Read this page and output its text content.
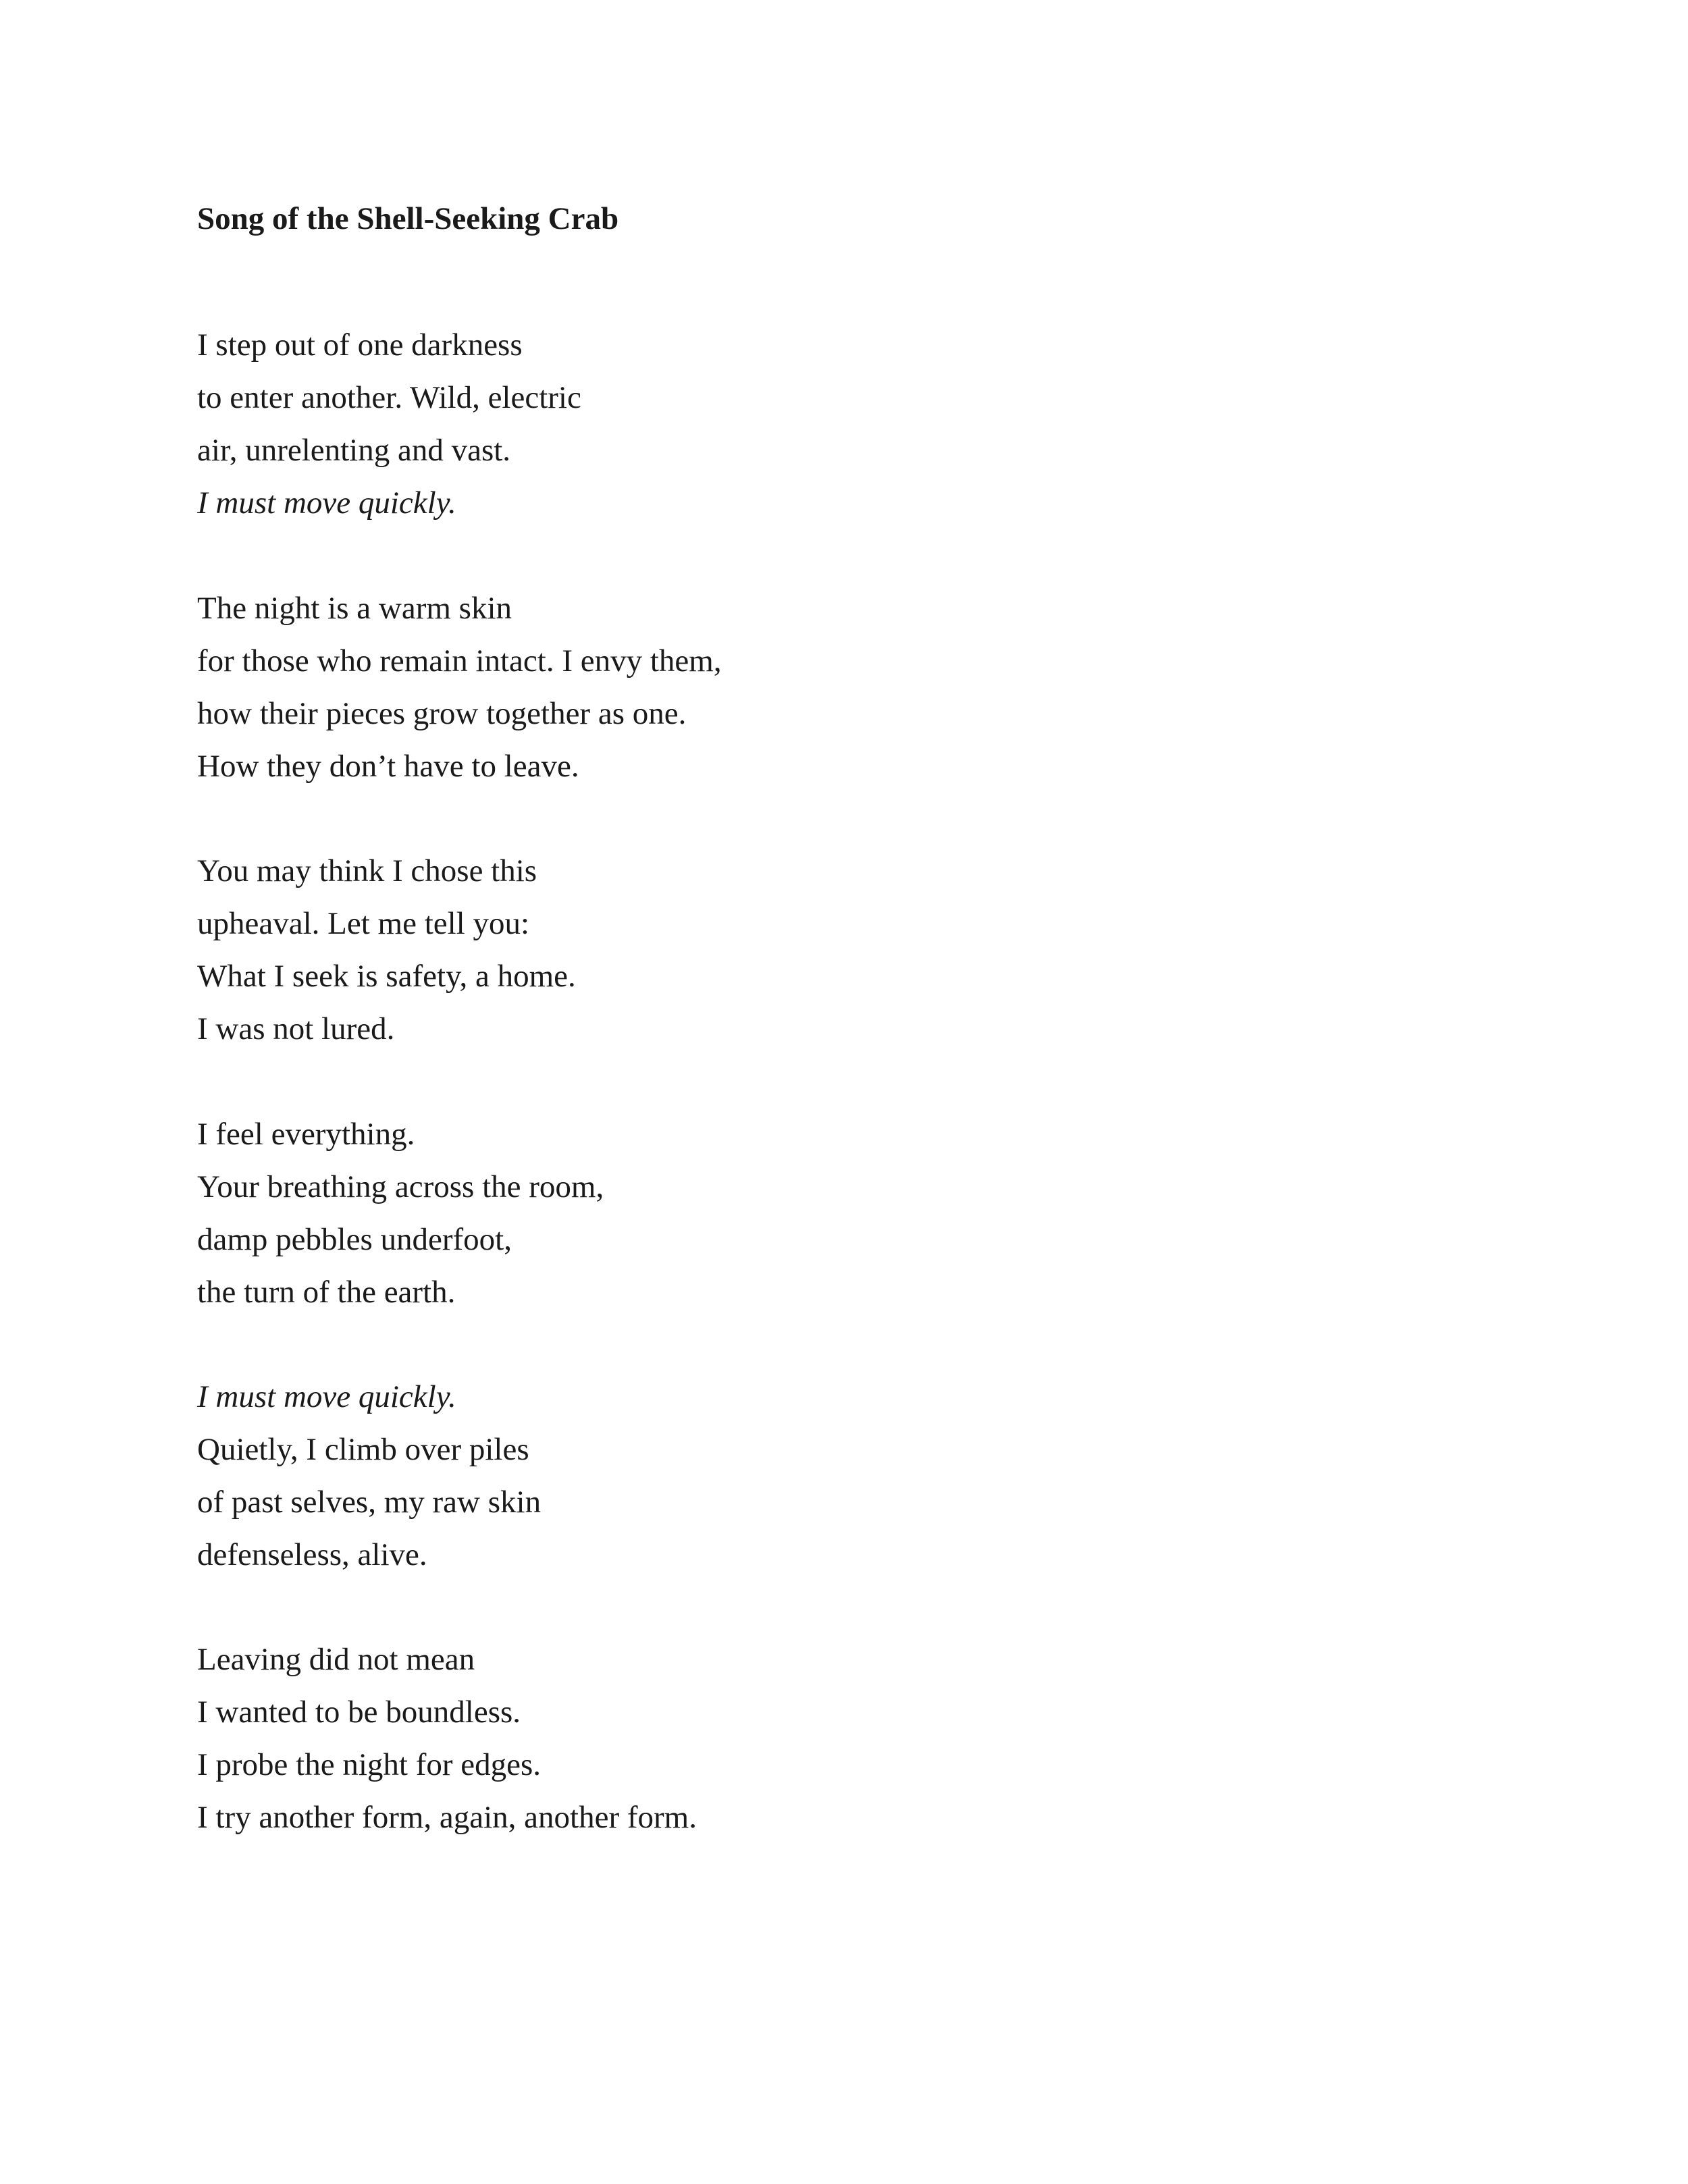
Song of the Shell-Seeking Crab
I step out of one darkness
to enter another. Wild, electric
air, unrelenting and vast.
I must move quickly.
The night is a warm skin
for those who remain intact. I envy them,
how their pieces grow together as one.
How they don’t have to leave.
You may think I chose this
upheaval. Let me tell you:
What I seek is safety, a home.
I was not lured.
I feel everything.
Your breathing across the room,
damp pebbles underfoot,
the turn of the earth.
I must move quickly.
Quietly, I climb over piles
of past selves, my raw skin
defenseless, alive.
Leaving did not mean
I wanted to be boundless.
I probe the night for edges.
I try another form, again, another form.
